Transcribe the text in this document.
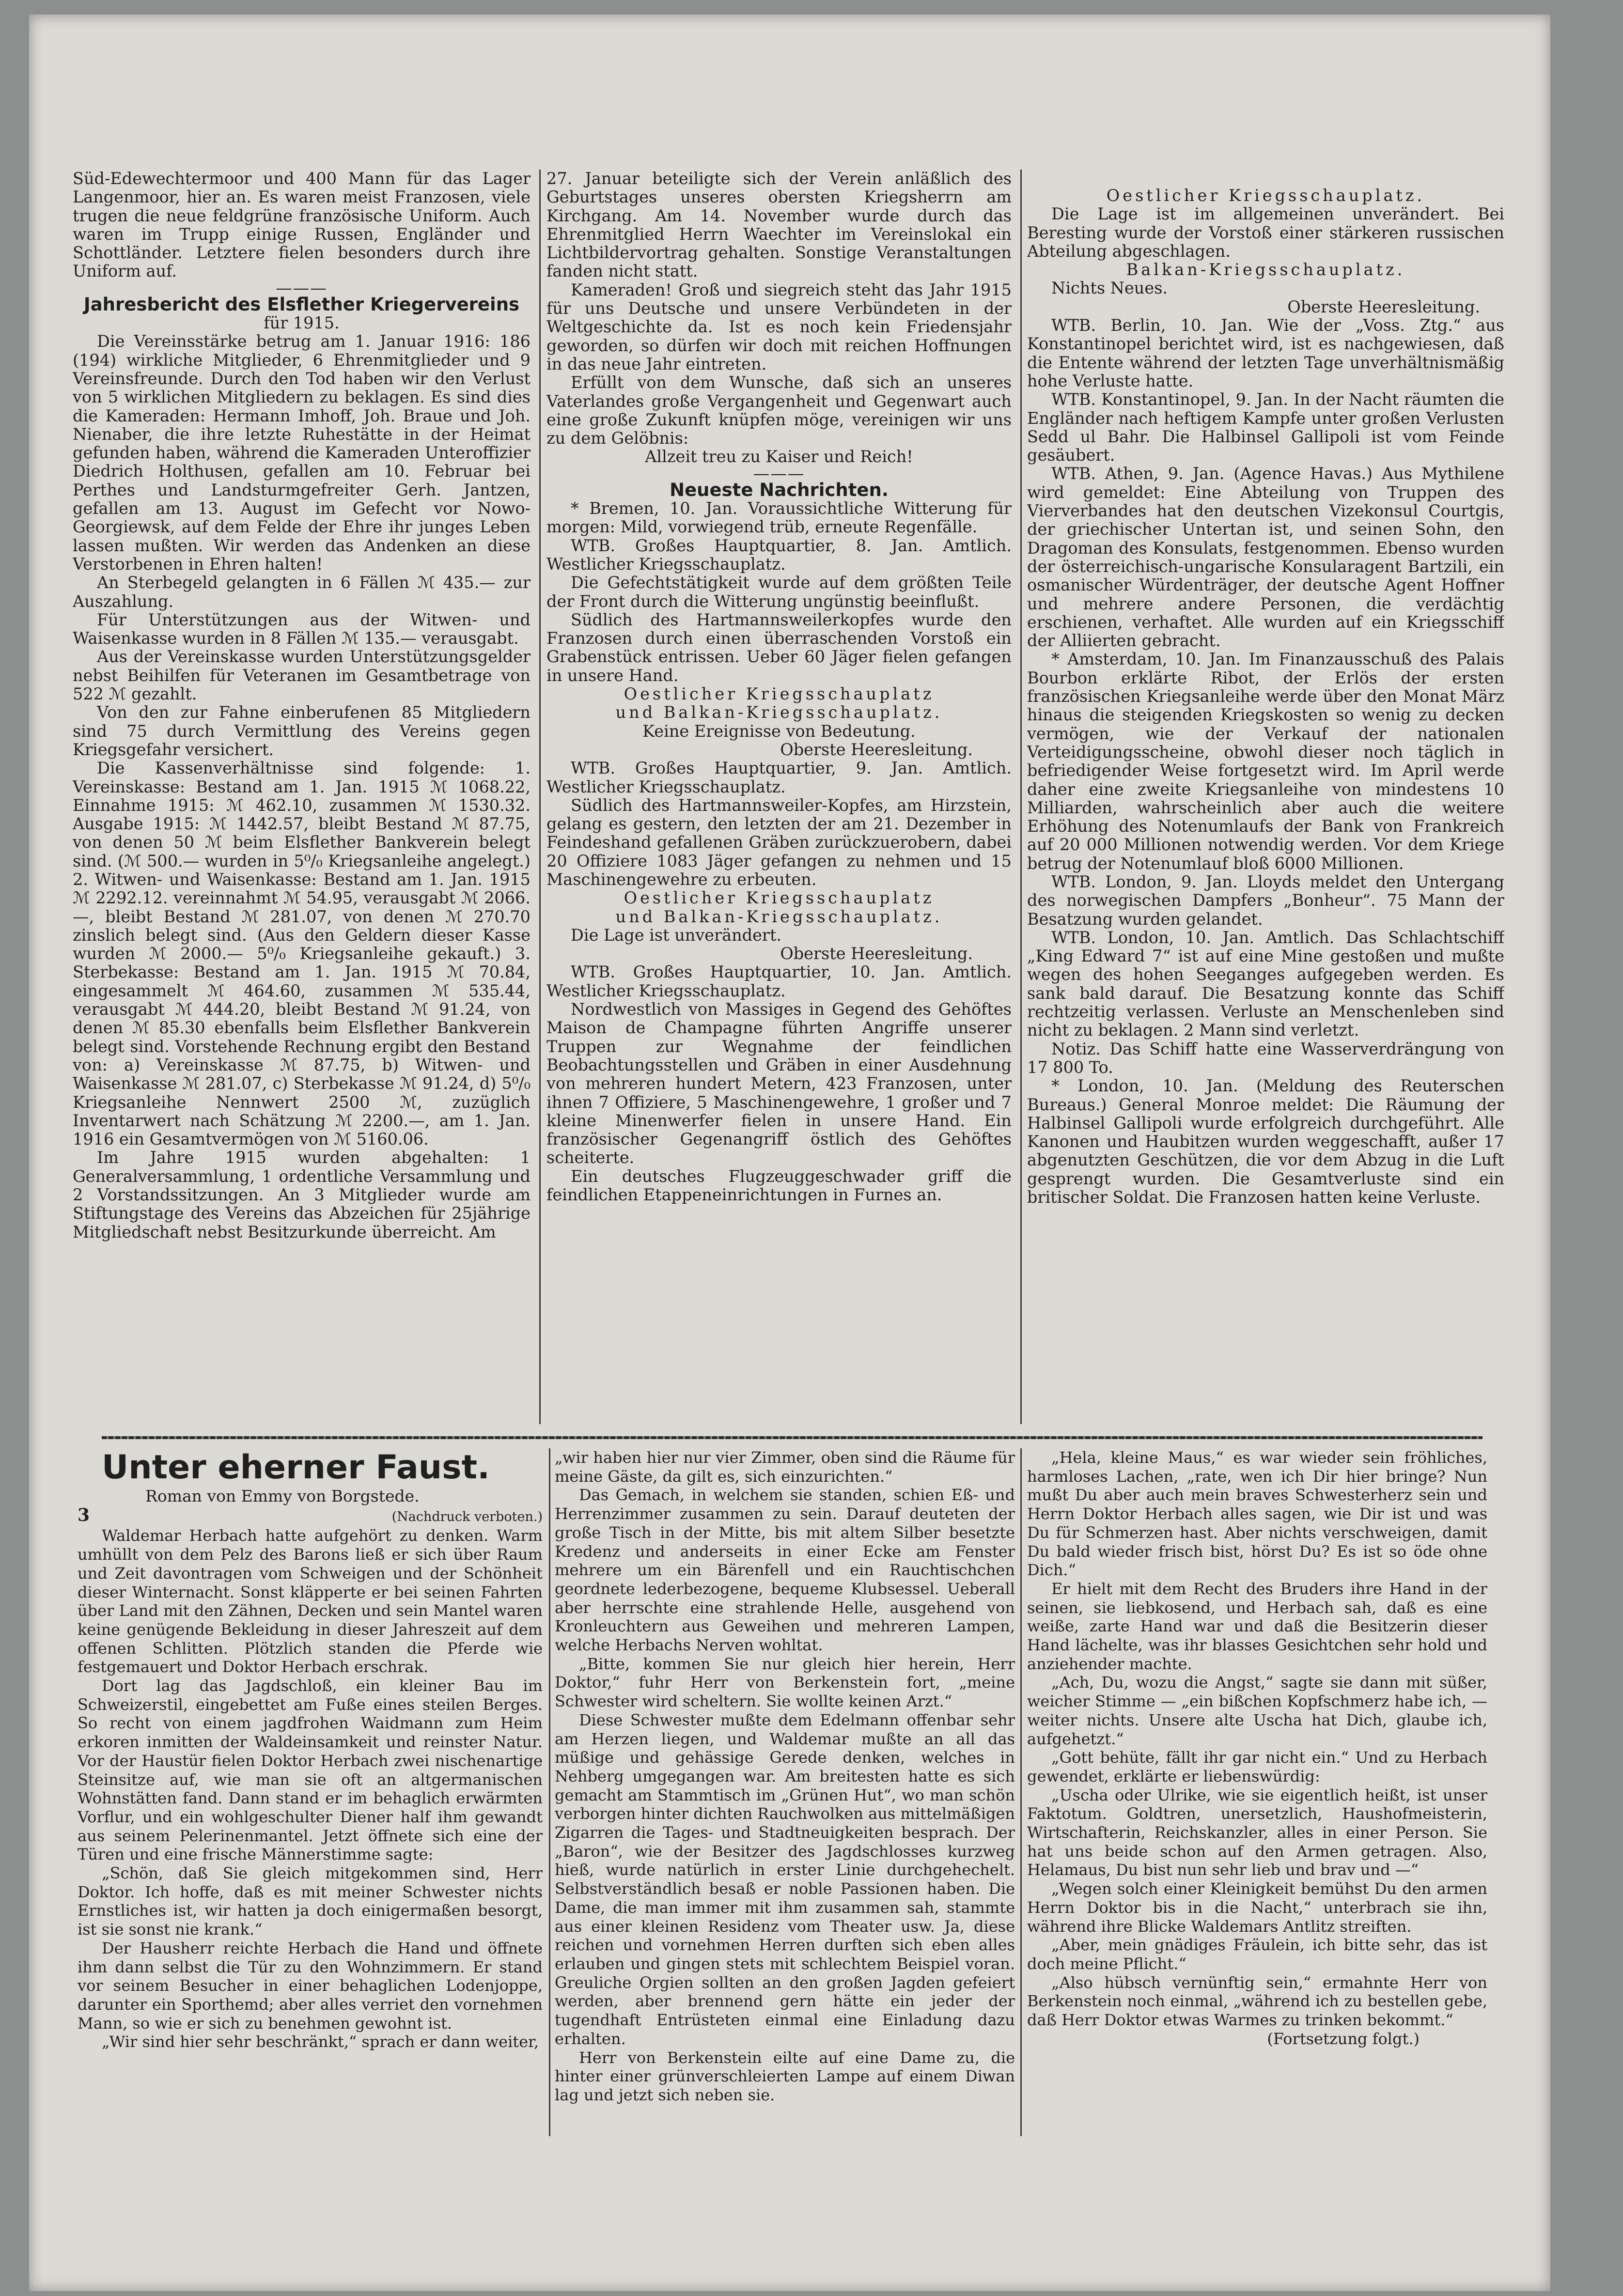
Süd-Edewechtermoor und 400 Mann für das Lager Langenmoor, hier an. Es waren meist Franzosen, viele trugen die neue feldgrüne französische Uniform. Auch waren im Trupp einige Russen, Engländer und Schottländer. Letztere fielen besonders durch ihre Uniform auf.

———

Jahresbericht des Elsflether Kriegervereins

für 1915.

Die Vereinsstärke betrug am 1. Januar 1916: 186 (194) wirkliche Mitglieder, 6 Ehrenmitglieder und 9 Vereinsfreunde. Durch den Tod haben wir den Verlust von 5 wirklichen Mitgliedern zu beklagen. Es sind dies die Kameraden: Hermann Imhoff, Joh. Braue und Joh. Nienaber, die ihre letzte Ruhestätte in der Heimat gefunden haben, während die Kameraden Unteroffizier Diedrich Holthusen, gefallen am 10. Februar bei Perthes und Landsturmgefreiter Gerh. Jantzen, gefallen am 13. August im Gefecht vor Nowo-Georgiewsk, auf dem Felde der Ehre ihr junges Leben lassen mußten. Wir werden das Andenken an diese Verstorbenen in Ehren halten!

An Sterbegeld gelangten in 6 Fällen ℳ 435.— zur Auszahlung.

Für Unterstützungen aus der Witwen- und Waisenkasse wurden in 8 Fällen ℳ 135.— verausgabt.

Aus der Vereinskasse wurden Unterstützungsgelder nebst Beihilfen für Veteranen im Gesamtbetrage von 522 ℳ gezahlt.

Von den zur Fahne einberufenen 85 Mitgliedern sind 75 durch Vermittlung des Vereins gegen Kriegsgefahr versichert.

Die Kassenverhältnisse sind folgende: 1. Vereinskasse: Bestand am 1. Jan. 1915 ℳ 1068.22, Einnahme 1915: ℳ 462.10, zusammen ℳ 1530.32. Ausgabe 1915: ℳ 1442.57, bleibt Bestand ℳ 87.75, von denen 50 ℳ beim Elsflether Bankverein belegt sind. (ℳ 500.— wurden in 5⁰/₀ Kriegsanleihe angelegt.) 2. Witwen- und Waisenkasse: Bestand am 1. Jan. 1915 ℳ 2292.12. vereinnahmt ℳ 54.95, verausgabt ℳ 2066.—, bleibt Bestand ℳ 281.07, von denen ℳ 270.70 zinslich belegt sind. (Aus den Geldern dieser Kasse wurden ℳ 2000.— 5⁰/₀ Kriegsanleihe gekauft.) 3. Sterbekasse: Bestand am 1. Jan. 1915 ℳ 70.84, eingesammelt ℳ 464.60, zusammen ℳ 535.44, verausgabt ℳ 444.20, bleibt Bestand ℳ 91.24, von denen ℳ 85.30 ebenfalls beim Elsflether Bankverein belegt sind. Vorstehende Rechnung ergibt den Bestand von: a) Vereinskasse ℳ 87.75, b) Witwen- und Waisenkasse ℳ 281.07, c) Sterbekasse ℳ 91.24, d) 5⁰/₀ Kriegsanleihe Nennwert 2500 ℳ, zuzüglich Inventarwert nach Schätzung ℳ 2200.—, am 1. Jan. 1916 ein Gesamtvermögen von ℳ 5160.06.

Im Jahre 1915 wurden abgehalten: 1 Generalversammlung, 1 ordentliche Versammlung und 2 Vorstandssitzungen. An 3 Mitglieder wurde am Stiftungstage des Vereins das Abzeichen für 25jährige Mitgliedschaft nebst Besitzurkunde überreicht. Am

27. Januar beteiligte sich der Verein anläßlich des Geburtstages unseres obersten Kriegsherrn am Kirchgang. Am 14. November wurde durch das Ehrenmitglied Herrn Waechter im Vereinslokal ein Lichtbildervortrag gehalten. Sonstige Veranstaltungen fanden nicht statt.

Kameraden! Groß und siegreich steht das Jahr 1915 für uns Deutsche und unsere Verbündeten in der Weltgeschichte da. Ist es noch kein Friedensjahr geworden, so dürfen wir doch mit reichen Hoffnungen in das neue Jahr eintreten.

Erfüllt von dem Wunsche, daß sich an unseres Vaterlandes große Vergangenheit und Gegenwart auch eine große Zukunft knüpfen möge, vereinigen wir uns zu dem Gelöbnis:

Allzeit treu zu Kaiser und Reich!

———

Neueste Nachrichten.

* Bremen, 10. Jan. Voraussichtliche Witterung für morgen: Mild, vorwiegend trüb, erneute Regenfälle.

WTB. Großes Hauptquartier, 8. Jan. Amtlich. Westlicher Kriegsschauplatz.

Die Gefechtstätigkeit wurde auf dem größten Teile der Front durch die Witterung ungünstig beeinflußt.

Südlich des Hartmannsweilerkopfes wurde den Franzosen durch einen überraschenden Vorstoß ein Grabenstück entrissen. Ueber 60 Jäger fielen gefangen in unsere Hand.

Oestlicher Kriegsschauplatz

und Balkan-Kriegsschauplatz.

Keine Ereignisse von Bedeutung.

Oberste Heeresleitung.

WTB. Großes Hauptquartier, 9. Jan. Amtlich. Westlicher Kriegsschauplatz.

Südlich des Hartmannsweiler-Kopfes, am Hirzstein, gelang es gestern, den letzten der am 21. Dezember in Feindeshand gefallenen Gräben zurückzuerobern, dabei 20 Offiziere 1083 Jäger gefangen zu nehmen und 15 Maschinengewehre zu erbeuten.

Oestlicher Kriegsschauplatz

und Balkan-Kriegsschauplatz.

Die Lage ist unverändert.

Oberste Heeresleitung.

WTB. Großes Hauptquartier, 10. Jan. Amtlich. Westlicher Kriegsschauplatz.

Nordwestlich von Massiges in Gegend des Gehöftes Maison de Champagne führten Angriffe unserer Truppen zur Wegnahme der feindlichen Beobachtungsstellen und Gräben in einer Ausdehnung von mehreren hundert Metern, 423 Franzosen, unter ihnen 7 Offiziere, 5 Maschinengewehre, 1 großer und 7 kleine Minenwerfer fielen in unsere Hand. Ein französischer Gegenangriff östlich des Gehöftes scheiterte.

Ein deutsches Flugzeuggeschwader griff die feindlichen Etappeneinrichtungen in Furnes an.

Oestlicher Kriegsschauplatz.

Die Lage ist im allgemeinen unverändert. Bei Beresting wurde der Vorstoß einer stärkeren russischen Abteilung abgeschlagen.

Balkan-Kriegsschauplatz.

Nichts Neues.

Oberste Heeresleitung.

WTB. Berlin, 10. Jan. Wie der „Voss. Ztg.“ aus Konstantinopel berichtet wird, ist es nachgewiesen, daß die Entente während der letzten Tage unverhältnismäßig hohe Verluste hatte.

WTB. Konstantinopel, 9. Jan. In der Nacht räumten die Engländer nach heftigem Kampfe unter großen Verlusten Sedd ul Bahr. Die Halbinsel Gallipoli ist vom Feinde gesäubert.

WTB. Athen, 9. Jan. (Agence Havas.) Aus Mythilene wird gemeldet: Eine Abteilung von Truppen des Vierverbandes hat den deutschen Vizekonsul Courtgis, der griechischer Untertan ist, und seinen Sohn, den Dragoman des Konsulats, festgenommen. Ebenso wurden der österreichisch-ungarische Konsularagent Bartzili, ein osmanischer Würdenträger, der deutsche Agent Hoffner und mehrere andere Personen, die verdächtig erschienen, verhaftet. Alle wurden auf ein Kriegsschiff der Alliierten gebracht.

* Amsterdam, 10. Jan. Im Finanzausschuß des Palais Bourbon erklärte Ribot, der Erlös der ersten französischen Kriegsanleihe werde über den Monat März hinaus die steigenden Kriegskosten so wenig zu decken vermögen, wie der Verkauf der nationalen Verteidigungsscheine, obwohl dieser noch täglich in befriedigender Weise fortgesetzt wird. Im April werde daher eine zweite Kriegsanleihe von mindestens 10 Milliarden, wahrscheinlich aber auch die weitere Erhöhung des Notenumlaufs der Bank von Frankreich auf 20 000 Millionen notwendig werden. Vor dem Kriege betrug der Notenumlauf bloß 6000 Millionen.

WTB. London, 9. Jan. Lloyds meldet den Untergang des norwegischen Dampfers „Bonheur“. 75 Mann der Besatzung wurden gelandet.

WTB. London, 10. Jan. Amtlich. Das Schlachtschiff „King Edward 7“ ist auf eine Mine gestoßen und mußte wegen des hohen Seeganges aufgegeben werden. Es sank bald darauf. Die Besatzung konnte das Schiff rechtzeitig verlassen. Verluste an Menschenleben sind nicht zu beklagen. 2 Mann sind verletzt.

Notiz. Das Schiff hatte eine Wasserverdrängung von 17 800 To.

* London, 10. Jan. (Meldung des Reuterschen Bureaus.) General Monroe meldet: Die Räumung der Halbinsel Gallipoli wurde erfolgreich durchgeführt. Alle Kanonen und Haubitzen wurden weggeschafft, außer 17 abgenutzten Geschützen, die vor dem Abzug in die Luft gesprengt wurden. Die Gesamtverluste sind ein britischer Soldat. Die Franzosen hatten keine Verluste.

Unter eherner Faust.

Roman von Emmy von Borgstede.

3	(Nachdruck verboten.)

Waldemar Herbach hatte aufgehört zu denken. Warm umhüllt von dem Pelz des Barons ließ er sich über Raum und Zeit davontragen vom Schweigen und der Schönheit dieser Winternacht. Sonst kläpperte er bei seinen Fahrten über Land mit den Zähnen, Decken und sein Mantel waren keine genügende Bekleidung in dieser Jahreszeit auf dem offenen Schlitten. Plötzlich standen die Pferde wie festgemauert und Doktor Herbach erschrak.

Dort lag das Jagdschloß, ein kleiner Bau im Schweizerstil, eingebettet am Fuße eines steilen Berges. So recht von einem jagdfrohen Waidmann zum Heim erkoren inmitten der Waldeinsamkeit und reinster Natur. Vor der Haustür fielen Doktor Herbach zwei nischenartige Steinsitze auf, wie man sie oft an altgermanischen Wohnstätten fand. Dann stand er im behaglich erwärmten Vorflur, und ein wohlgeschulter Diener half ihm gewandt aus seinem Pelerinenmantel. Jetzt öffnete sich eine der Türen und eine frische Männerstimme sagte:

„Schön, daß Sie gleich mitgekommen sind, Herr Doktor. Ich hoffe, daß es mit meiner Schwester nichts Ernstliches ist, wir hatten ja doch einigermaßen besorgt, ist sie sonst nie krank.“

Der Hausherr reichte Herbach die Hand und öffnete ihm dann selbst die Tür zu den Wohnzimmern. Er stand vor seinem Besucher in einer behaglichen Lodenjoppe, darunter ein Sporthemd; aber alles verriet den vornehmen Mann, so wie er sich zu benehmen gewohnt ist.

„Wir sind hier sehr beschränkt,“ sprach er dann weiter,

„wir haben hier nur vier Zimmer, oben sind die Räume für meine Gäste, da gilt es, sich einzurichten.“

Das Gemach, in welchem sie standen, schien Eß- und Herrenzimmer zusammen zu sein. Darauf deuteten der große Tisch in der Mitte, bis mit altem Silber besetzte Kredenz und anderseits in einer Ecke am Fenster mehrere um ein Bärenfell und ein Rauchtischchen geordnete lederbezogene, bequeme Klubsessel. Ueberall aber herrschte eine strahlende Helle, ausgehend von Kronleuchtern aus Geweihen und mehreren Lampen, welche Herbachs Nerven wohltat.

„Bitte, kommen Sie nur gleich hier herein, Herr Doktor,“ fuhr Herr von Berkenstein fort, „meine Schwester wird scheltern. Sie wollte keinen Arzt.“

Diese Schwester mußte dem Edelmann offenbar sehr am Herzen liegen, und Waldemar mußte an all das müßige und gehässige Gerede denken, welches in Nehberg umgegangen war. Am breitesten hatte es sich gemacht am Stammtisch im „Grünen Hut“, wo man schön verborgen hinter dichten Rauchwolken aus mittelmäßigen Zigarren die Tages- und Stadtneuigkeiten besprach. Der „Baron“, wie der Besitzer des Jagdschlosses kurzweg hieß, wurde natürlich in erster Linie durchgehechelt. Selbstverständlich besaß er noble Passionen haben. Die Dame, die man immer mit ihm zusammen sah, stammte aus einer kleinen Residenz vom Theater usw. Ja, diese reichen und vornehmen Herren durften sich eben alles erlauben und gingen stets mit schlechtem Beispiel voran. Greuliche Orgien sollten an den großen Jagden gefeiert werden, aber brennend gern hätte ein jeder der tugendhaft Entrüsteten einmal eine Einladung dazu erhalten.

Herr von Berkenstein eilte auf eine Dame zu, die hinter einer grünverschleierten Lampe auf einem Diwan lag und jetzt sich neben sie.

„Hela, kleine Maus,“ es war wieder sein fröhliches, harmloses Lachen, „rate, wen ich Dir hier bringe? Nun mußt Du aber auch mein braves Schwesterherz sein und Herrn Doktor Herbach alles sagen, wie Dir ist und was Du für Schmerzen hast. Aber nichts verschweigen, damit Du bald wieder frisch bist, hörst Du? Es ist so öde ohne Dich.“

Er hielt mit dem Recht des Bruders ihre Hand in der seinen, sie liebkosend, und Herbach sah, daß es eine weiße, zarte Hand war und daß die Besitzerin dieser Hand lächelte, was ihr blasses Gesichtchen sehr hold und anziehender machte.

„Ach, Du, wozu die Angst,“ sagte sie dann mit süßer, weicher Stimme — „ein bißchen Kopfschmerz habe ich, — weiter nichts. Unsere alte Uscha hat Dich, glaube ich, aufgehetzt.“

„Gott behüte, fällt ihr gar nicht ein.“ Und zu Herbach gewendet, erklärte er liebenswürdig:

„Uscha oder Ulrike, wie sie eigentlich heißt, ist unser Faktotum. Goldtren, unersetzlich, Haushofmeisterin, Wirtschafterin, Reichskanzler, alles in einer Person. Sie hat uns beide schon auf den Armen getragen. Also, Helamaus, Du bist nun sehr lieb und brav und —“

„Wegen solch einer Kleinigkeit bemühst Du den armen Herrn Doktor bis in die Nacht,“ unterbrach sie ihn, während ihre Blicke Waldemars Antlitz streiften.

„Aber, mein gnädiges Fräulein, ich bitte sehr, das ist doch meine Pflicht.“

„Also hübsch vernünftig sein,“ ermahnte Herr von Berkenstein noch einmal, „während ich zu bestellen gebe, daß Herr Doktor etwas Warmes zu trinken bekommt.“

(Fortsetzung folgt.)
